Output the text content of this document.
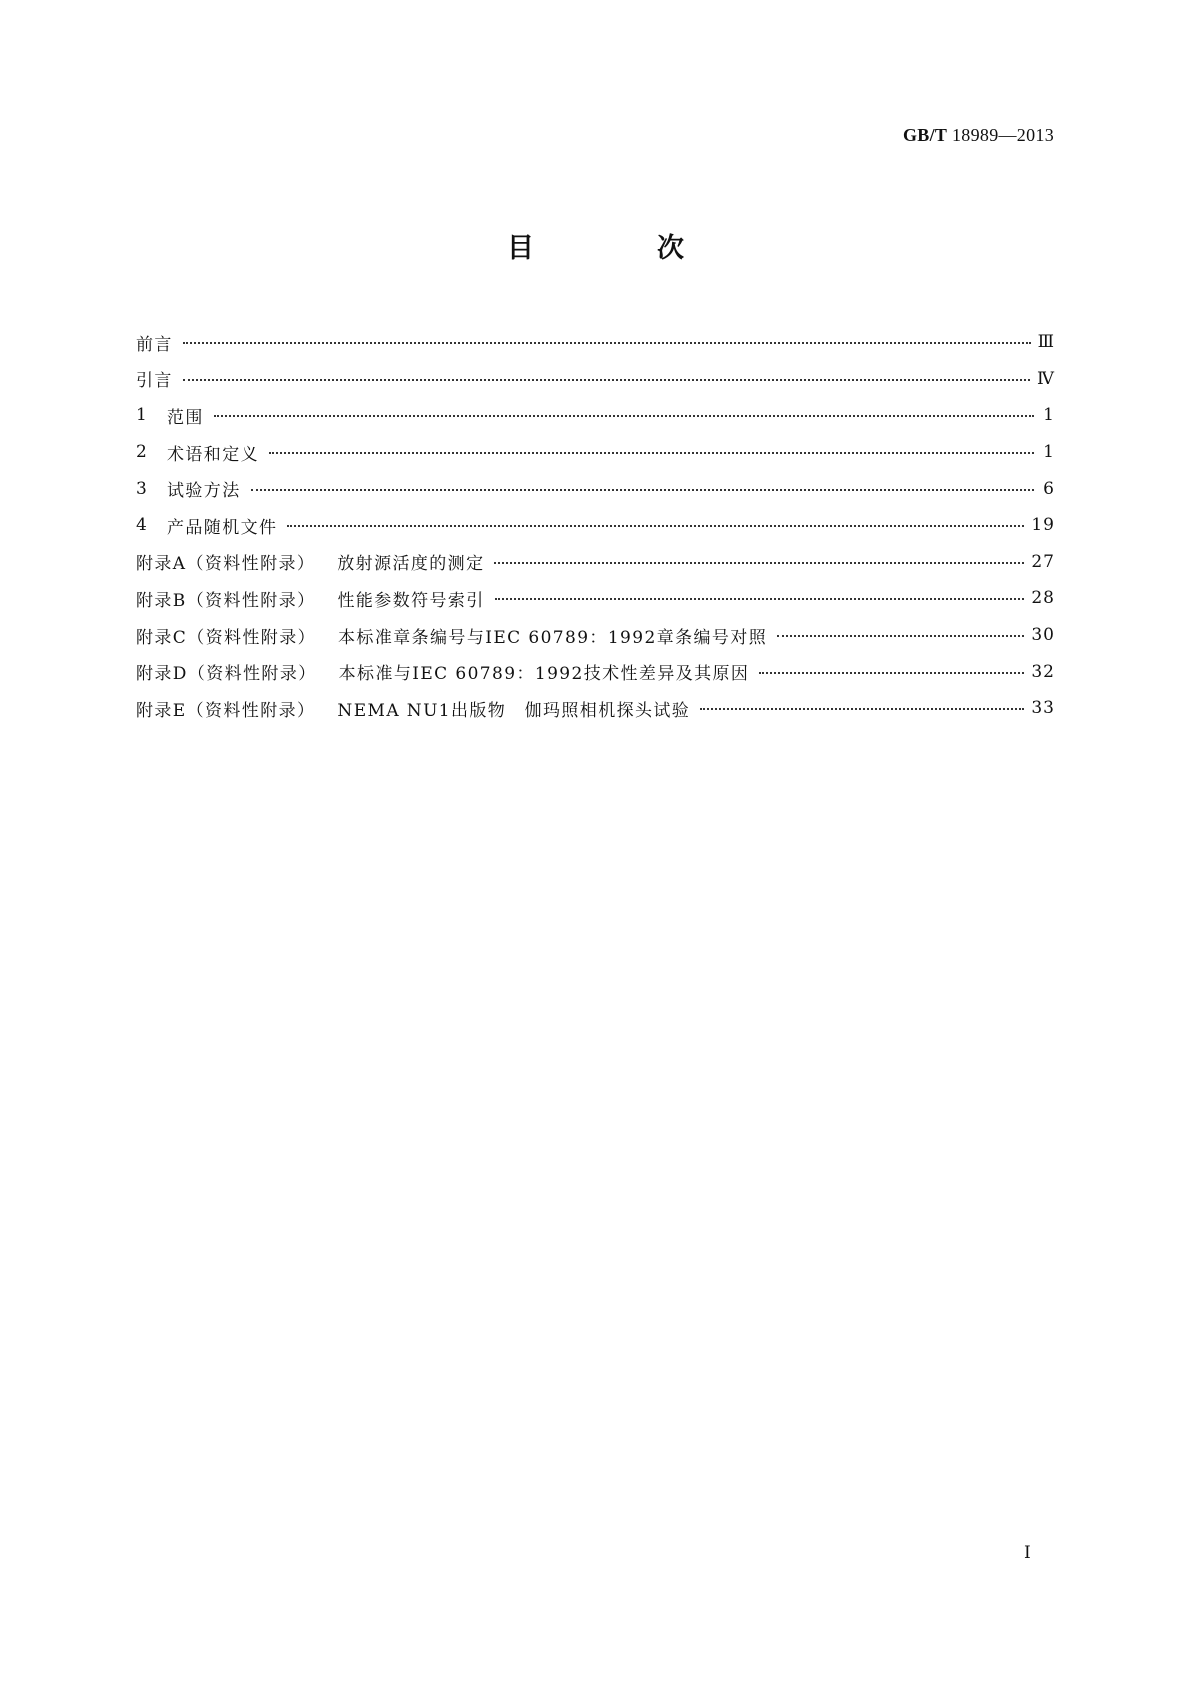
GB/T 18989—2013
目　次
前言	Ⅲ
引言	Ⅳ
1	范围	1
2	术语和定义	1
3	试验方法	6
4	产品随机文件	19
附录A（资料性附录） 放射源活度的测定	27
附录B（资料性附录） 性能参数符号索引	28
附录C（资料性附录） 本标准章条编号与IEC 60789：1992章条编号对照	30
附录D（资料性附录） 本标准与IEC 60789：1992技术性差异及其原因	32
附录E（资料性附录） NEMA NU1出版物　伽玛照相机探头试验	33
Ⅰ
